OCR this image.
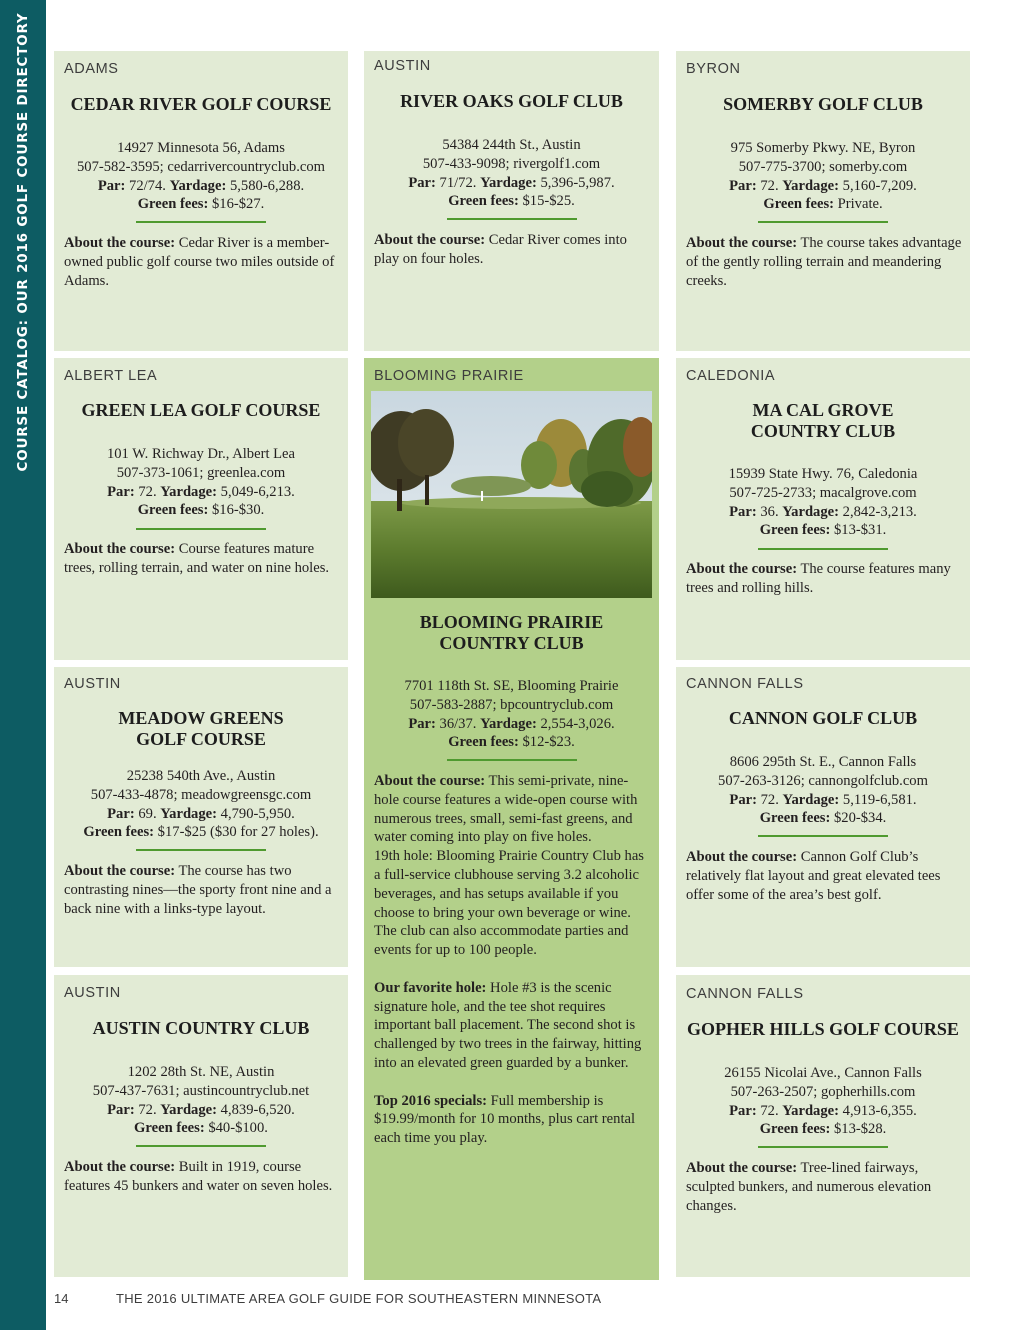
COURSE CATALOG: OUR 2016 GOLF COURSE DIRECTORY ADAMS
CEDAR RIVER GOLF COURSE
14927 Minnesota 56, Adams
507-582-3595; cedarrivercountryclub.com
Par: 72/74. Yardage: 5,580-6,288.
Green fees: $16-$27.
About the course: Cedar River is a member-owned public golf course two miles outside of Adams.
AUSTIN
RIVER OAKS GOLF CLUB
54384 244th St., Austin
507-433-9098; rivergolf1.com
Par: 71/72. Yardage: 5,396-5,987.
Green fees: $15-$25.
About the course: Cedar River comes into play on four holes.
BYRON
SOMERBY GOLF CLUB
975 Somerby Pkwy. NE, Byron
507-775-3700; somerby.com
Par: 72. Yardage: 5,160-7,209.
Green fees: Private.
About the course: The course takes advantage of the gently rolling terrain and meandering creeks.
ALBERT LEA
GREEN LEA GOLF COURSE
101 W. Richway Dr., Albert Lea
507-373-1061; greenlea.com
Par: 72. Yardage: 5,049-6,213.
Green fees: $16-$30.
About the course: Course features mature trees, rolling terrain, and water on nine holes.
BLOOMING PRAIRIE
BLOOMING PRAIRIE
COUNTRY CLUB
7701 118th St. SE, Blooming Prairie
507-583-2887; bpcountryclub.com
Par: 36/37. Yardage: 2,554-3,026.
Green fees: $12-$23.

About the course: This semi-private, nine-hole course features a wide-open course with numerous trees, small, semi-fast greens, and water coming into play on five holes.

19th hole: Blooming Prairie Country Club has a full-service clubhouse serving 3.2 alcoholic beverages, and has setups available if you choose to bring your own beverage or wine. The club can also accommodate parties and events for up to 100 people.

Our favorite hole: Hole #3 is the scenic signature hole, and the tee shot requires important ball placement. The second shot is challenged by two trees in the fairway, hitting into an elevated green guarded by a bunker.

Top 2016 specials: Full membership is $19.99/month for 10 months, plus cart rental each time you play.

CALEDONIA
MA CAL GROVE
COUNTRY CLUB
15939 State Hwy. 76, Caledonia
507-725-2733; macalgrove.com
Par: 36. Yardage: 2,842-3,213.
Green fees: $13-$31.
About the course: The course features many trees and rolling hills.
AUSTIN
MEADOW GREENS
GOLF COURSE
25238 540th Ave., Austin
507-433-4878; meadowgreensgc.com
Par: 69. Yardage: 4,790-5,950.
Green fees: $17-$25 ($30 for 27 holes).
About the course: The course has two contrasting nines—the sporty front nine and a back nine with a links-type layout.
CANNON FALLS
CANNON GOLF CLUB
8606 295th St. E., Cannon Falls
507-263-3126; cannongolfclub.com
Par: 72. Yardage: 5,119-6,581.
Green fees: $20-$34.
About the course: Cannon Golf Club’s relatively flat layout and great elevated tees offer some of the area’s best golf.
AUSTIN
AUSTIN COUNTRY CLUB
1202 28th St. NE, Austin
507-437-7631; austincountryclub.net
Par: 72. Yardage: 4,839-6,520.
Green fees: $40-$100.
About the course: Built in 1919, course features 45 bunkers and water on seven holes.
CANNON FALLS
GOPHER HILLS GOLF COURSE
26155 Nicolai Ave., Cannon Falls
507-263-2507; gopherhills.com
Par: 72. Yardage: 4,913-6,355.
Green fees: $13-$28.
About the course: Tree-lined fairways, sculpted bunkers, and numerous elevation changes.
14	THE 2016 ULTIMATE AREA GOLF GUIDE FOR SOUTHEASTERN MINNESOTA
